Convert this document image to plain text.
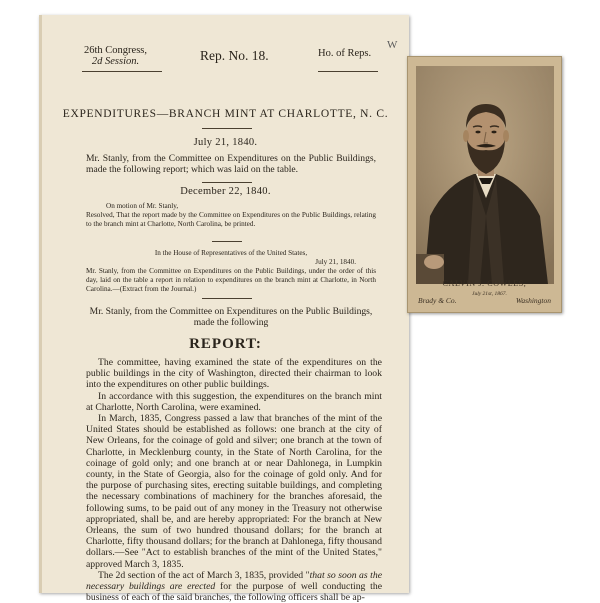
26th Congress,
2d Session.	Rep. No. 18.	Ho. of Reps.
W
EXPENDITURES—BRANCH MINT AT CHARLOTTE, N. C.
July 21, 1840.
Mr. Stanly, from the Committee on Expenditures on the Public Buildings, made the following report; which was laid on the table.
December 22, 1840.
On motion of Mr. Stanly,
Resolved, That the report made by the Committee on Expenditures on the Public Buildings, relating to the branch mint at Charlotte, North Carolina, be printed.
In the House of Representatives of the United States,
July 21, 1840.
Mr. Stanly, from the Committee on Expenditures on the Public Buildings, under the order of this day, laid on the table a report in relation to expenditures on the branch mint at Charlotte, in North Carolina.—(Extract from the Journal.)
Mr. Stanly, from the Committee on Expenditures on the Public Buildings, made the following
REPORT:

The committee, having examined the state of the expenditures on the public buildings in the city of Washington, directed their chairman to look into the expenditures on other public buildings.

In accordance with this suggestion, the expenditures on the branch mint at Charlotte, North Carolina, were examined.

In March, 1835, Congress passed a law that branches of the mint of the United States should be established as follows: one branch at the city of New Orleans, for the coinage of gold and silver; one branch at the town of Charlotte, in Mecklenburg county, in the State of North Carolina, for the coinage of gold only; and one branch at or near Dahlonega, in Lumpkin county, in the State of Georgia, also for the coinage of gold only. And for the purpose of purchasing sites, erecting suitable buildings, and completing the necessary combinations of machinery for the branches aforesaid, the following sums, to be paid out of any money in the Treasury not otherwise appropriated, shall be, and are hereby appropriated: For the branch at New Orleans, the sum of two hundred thousand dollars; for the branch at Charlotte, fifty thousand dollars; for the branch at Dahlonega, fifty thousand dollars.—See "Act to establish branches of the mint of the United States," approved March 3, 1835.

The 2d section of the act of March 3, 1835, provided "that so soon as the necessary buildings are erected for the purpose of well conducting the business of each of the said branches, the following officers shall be ap-

CALVIN J. COWLES,
July 21st, 1867.
Brady & Co.	Washington
